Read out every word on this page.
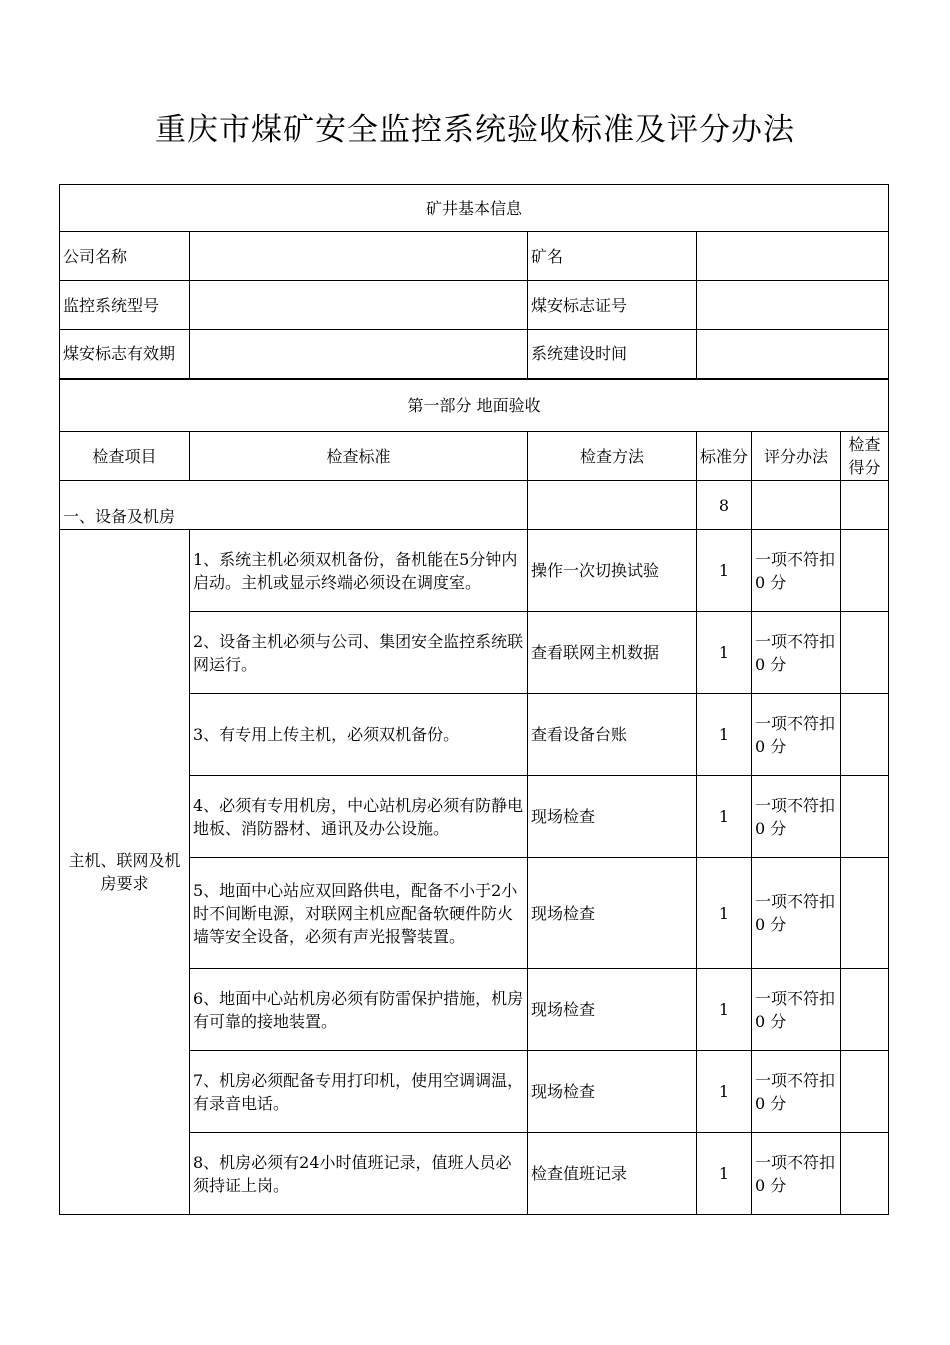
重庆市煤矿安全监控系统验收标准及评分办法
矿井基本信息					
公司名称		矿名			
监控系统型号		煤安标志证号			
煤安标志有效期		系统建设时间			
第一部分 地面验收					
检查项目	检查标准	检查方法	标准分	评分办法	检查得分
一、设备及机房			8		
主机、联网及机房要求	1、系统主机必须双机备份，备机能在5分钟内启动。主机或显示终端必须设在调度室。	操作一次切换试验	1	一项不符扣0 分	
	2、设备主机必须与公司、集团安全监控系统联网运行。	查看联网主机数据	1	一项不符扣0 分	
	3、有专用上传主机，必须双机备份。	查看设备台账	1	一项不符扣0 分	
	4、必须有专用机房，中心站机房必须有防静电地板、消防器材、通讯及办公设施。	现场检查	1	一项不符扣0 分	
	5、地面中心站应双回路供电，配备不小于2小时不间断电源，对联网主机应配备软硬件防火墙等安全设备，必须有声光报警装置。	现场检查	1	一项不符扣0 分	
	6、地面中心站机房必须有防雷保护措施，机房有可靠的接地装置。	现场检查	1	一项不符扣0 分	
	7、机房必须配备专用打印机，使用空调调温，有录音电话。	现场检查	1	一项不符扣0 分	
	8、机房必须有24小时值班记录，值班人员必须持证上岗。	检查值班记录	1	一项不符扣0 分	
